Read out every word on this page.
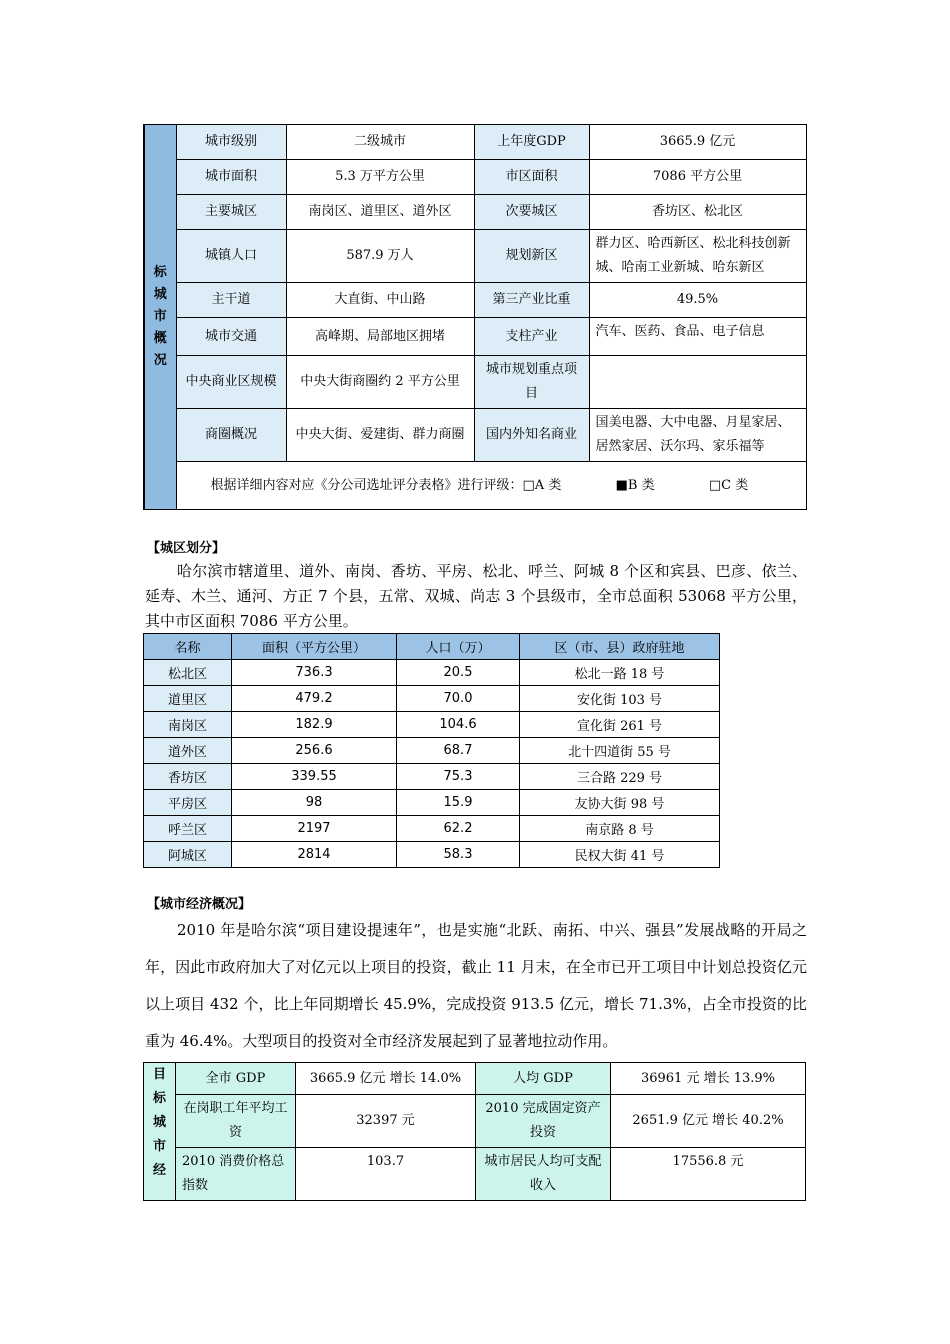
标城市概况	城市级别	二级城市	上年度GDP	3665.9 亿元
	城市面积	5.3 万平方公里	市区面积	7086 平方公里
	主要城区	南岗区、道里区、道外区	次要城区	香坊区、松北区
	城镇人口	587.9 万人	规划新区	群力区、哈西新区、松北科技创新城、哈南工业新城、哈东新区
	主干道	大直街、中山路	第三产业比重	49.5%
	城市交通	高峰期、局部地区拥堵	支柱产业	汽车、医药、食品、电子信息
	中央商业区规模	中央大街商圈约 2 平方公里	城市规划重点项目	
	商圈概况	中央大街、爱建街、群力商圈	国内外知名商业	国美电器、大中电器、月星家居、居然家居、沃尔玛、家乐福等
	根据详细内容对应《分公司选址评分表格》进行评级：□A 类 ■B 类 □C 类			
【城区划分】
哈尔滨市辖道里、道外、南岗、香坊、平房、松北、呼兰、阿城 8 个区和宾县、巴彦、依兰、延寿、木兰、通河、方正 7 个县，五常、双城、尚志 3 个县级市，全市总面积 53068 平方公里，其中市区面积 7086 平方公里。
名称	面积（平方公里）	人口（万）	区（市、县）政府驻地
松北区	736.3	20.5	松北一路 18 号
道里区	479.2	70.0	安化街 103 号
南岗区	182.9	104.6	宣化街 261 号
道外区	256.6	68.7	北十四道街 55 号
香坊区	339.55	75.3	三合路 229 号
平房区	98	15.9	友协大街 98 号
呼兰区	2197	62.2	南京路 8 号
阿城区	2814	58.3	民权大街 41 号
【城市经济概况】
2010 年是哈尔滨“项目建设提速年”，也是实施“北跃、南拓、中兴、强县”发展战略的开局之年，因此市政府加大了对亿元以上项目的投资，截止 11 月末，在全市已开工项目中计划总投资亿元以上项目 432 个，比上年同期增长 45.9%，完成投资 913.5 亿元，增长 71.3%，占全市投资的比重为 46.4%。大型项目的投资对全市经济发展起到了显著地拉动作用。
目标城市经	全市 GDP	3665.9 亿元 增长 14.0%	人均 GDP	36961 元 增长 13.9%
	在岗职工年平均工资	32397 元	2010 完成固定资产投资	2651.9 亿元 增长 40.2%
	2010 消费价格总指数	103.7	城市居民人均可支配收入	17556.8 元
